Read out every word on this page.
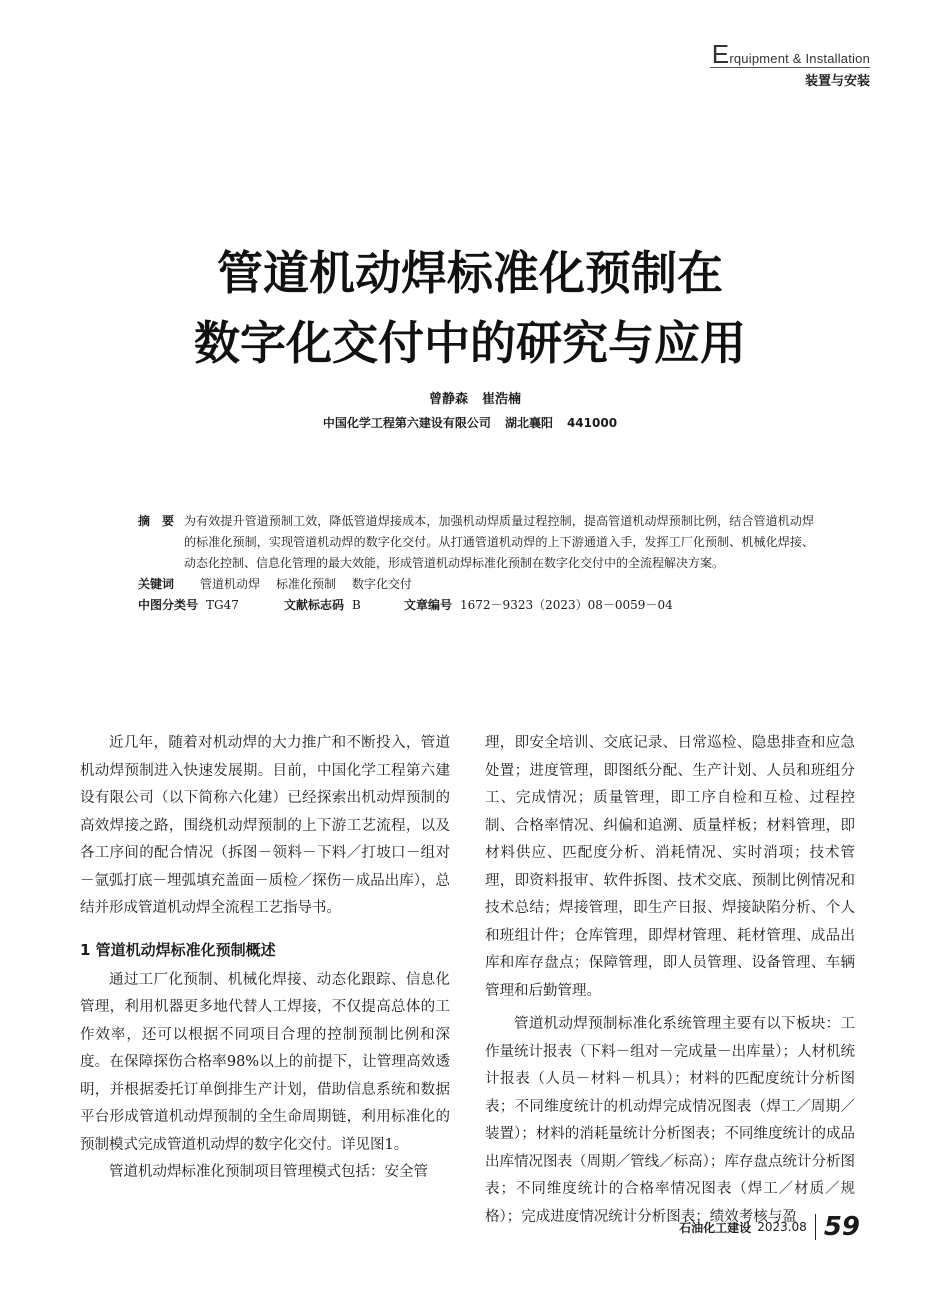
Erquipment & Installation
装置与安装
管道机动焊标准化预制在
数字化交付中的研究与应用
曾静森 崔浩楠
中国化学工程第六建设有限公司 湖北襄阳 441000
摘　要 为有效提升管道预制工效，降低管道焊接成本，加强机动焊质量过程控制，提高管道机动焊预制比例，结合管道机动焊的标准化预制，实现管道机动焊的数字化交付。从打通管道机动焊的上下游通道入手，发挥工厂化预制、机械化焊接、动态化控制、信息化管理的最大效能，形成管道机动焊标准化预制在数字化交付中的全流程解决方案。
关键词 管道机动焊 标准化预制 数字化交付
中图分类号 TG47	文献标志码 B	文章编号 1672－9323（2023）08－0059－04

近几年，随着对机动焊的大力推广和不断投入，管道机动焊预制进入快速发展期。目前，中国化学工程第六建设有限公司（以下简称六化建）已经探索出机动焊预制的高效焊接之路，围绕机动焊预制的上下游工艺流程，以及各工序间的配合情况（拆图－领料－下料／打坡口－组对－氩弧打底－埋弧填充盖面－质检／探伤－成品出库），总结并形成管道机动焊全流程工艺指导书。

1 管道机动焊标准化预制概述

通过工厂化预制、机械化焊接、动态化跟踪、信息化管理，利用机器更多地代替人工焊接，不仅提高总体的工作效率，还可以根据不同项目合理的控制预制比例和深度。在保障探伤合格率98%以上的前提下，让管理高效透明，并根据委托订单倒排生产计划，借助信息系统和数据平台形成管道机动焊预制的全生命周期链，利用标准化的预制模式完成管道机动焊的数字化交付。详见图1。

管道机动焊标准化预制项目管理模式包括：安全管

理，即安全培训、交底记录、日常巡检、隐患排查和应急处置；进度管理，即图纸分配、生产计划、人员和班组分工、完成情况；质量管理，即工序自检和互检、过程控制、合格率情况、纠偏和追溯、质量样板；材料管理，即材料供应、匹配度分析、消耗情况、实时消项；技术管理，即资料报审、软件拆图、技术交底、预制比例情况和技术总结；焊接管理，即生产日报、焊接缺陷分析、个人和班组计件；仓库管理，即焊材管理、耗材管理、成品出库和库存盘点；保障管理，即人员管理、设备管理、车辆管理和后勤管理。

管道机动焊预制标准化系统管理主要有以下板块：工作量统计报表（下料－组对－完成量－出库量）；人材机统计报表（人员－材料－机具）；材料的匹配度统计分析图表；不同维度统计的机动焊完成情况图表（焊工／周期／装置）；材料的消耗量统计分析图表；不同维度统计的成品出库情况图表（周期／管线／标高）；库存盘点统计分析图表；不同维度统计的合格率情况图表（焊工／材质／规格）；完成进度情况统计分析图表；绩效考核与盈

石油化工建设 2023.08 59
